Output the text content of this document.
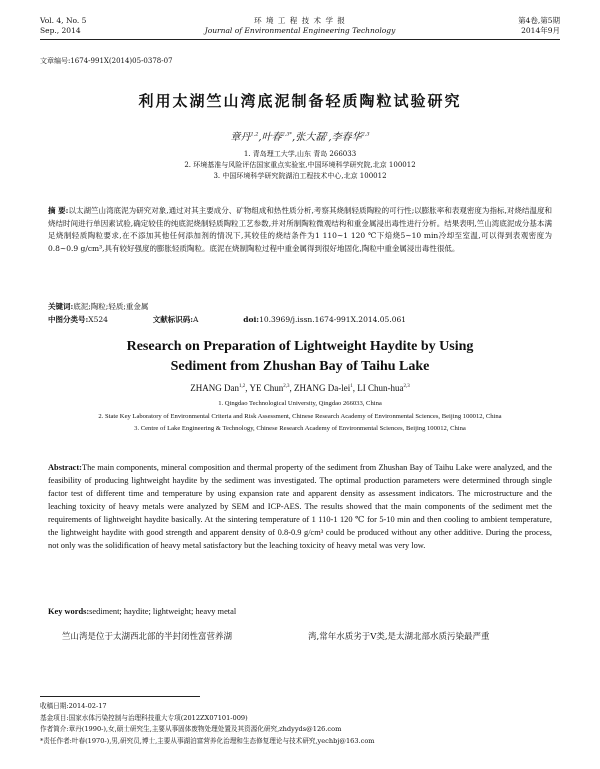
Vol. 4, No. 5
Sep., 2014
环 境 工 程 技 术 学 报
Journal of Environmental Engineering Technology
第4卷,第5期
2014年9月
文章编号:1674-991X(2014)05-0378-07
利用太湖竺山湾底泥制备轻质陶粒试验研究
章丹$^{1,2}$,叶春$^{2,3*}$,张大磊$^1$,李春华$^{2,3}$
1. 青岛理工大学,山东 青岛 266033
2. 环境基准与风险评估国家重点实验室,中国环境科学研究院,北京 100012
3. 中国环境科学研究院湖泊工程技术中心,北京 100012
摘 要:以太湖竺山湾底泥为研究对象,通过对其主要成分、矿物组成和热性质分析,考察其烧制轻质陶粒的可行性;以膨胀率和表观密度为指标,对烧结温度和烧结时间进行单因素试验,确定较佳的纯底泥烧制轻质陶粒工艺参数,并对所制陶粒微观结构和重金属浸出毒性进行分析。结果表明,竺山湾底泥成分基本满足烧制轻质陶粒要求,在不添加其他任何添加剂的情况下,其较佳的烧结条件为1 110~1 120 ℃下焙烧5~10 min冷却至室温,可以得到表观密度为0.8~0.9 g/cm³,具有较好强度的膨胀轻质陶粒。底泥在烧制陶粒过程中重金属得到很好地固化,陶粒中重金属浸出毒性很低。
关键词:底泥;陶粒;轻质;重金属
中图分类号:X524	文献标识码:A	doi:10.3969/j.issn.1674-991X.2014.05.061
Research on Preparation of Lightweight Haydite by Using Sediment from Zhushan Bay of Taihu Lake
ZHANG Dan$^{1,2}$, YE Chun$^{2,3}$, ZHANG Da-lei$^1$, LI Chun-hua$^{2,3}$
1. Qingdao Technological University, Qingdao 266033, China
2. State Key Laboratory of Environmental Criteria and Risk Assessment, Chinese Research Academy of Environmental Sciences, Beijing 100012, China
3. Centre of Lake Engineering & Technology, Chinese Research Academy of Environmental Sciences, Beijing 100012, China
Abstract:The main components, mineral composition and thermal property of the sediment from Zhushan Bay of Taihu Lake were analyzed, and the feasibility of producing lightweight haydite by the sediment was investigated. The optimal production parameters were determined through single factor test of different time and temperature by using expansion rate and apparent density as assessment indicators. The microstructure and the leaching toxicity of heavy metals were analyzed by SEM and ICP-AES. The results showed that the main components of the sediment met the requirements of lightweight haydite basically. At the sintering temperature of 1 110-1 120 ℃ for 5-10 min and then cooling to ambient temperature, the lightweight haydite with good strength and apparent density of 0.8-0.9 g/cm³ could be produced without any other additive. During the process, not only was the solidification of heavy metal satisfactory but the leaching toxicity of heavy metal was very low.
Key words:sediment; haydite; lightweight; heavy metal
竺山湾是位于太湖西北部的半封闭性富营养湖	湾,常年水质劣于V类,是太湖北部水质污染最严重
收稿日期:2014-02-17
基金项目:国家水体污染控制与治理科技重大专项(2012ZX07101-009)
作者简介:章丹(1990-),女,硕士研究生,主要从事固体废物处理处置及其资源化研究,zhdyyds@126.com
*责任作者:叶春(1970-),男,研究员,博士,主要从事湖泊富营养化治理和生态修复理论与技术研究,yechbj@163.com
